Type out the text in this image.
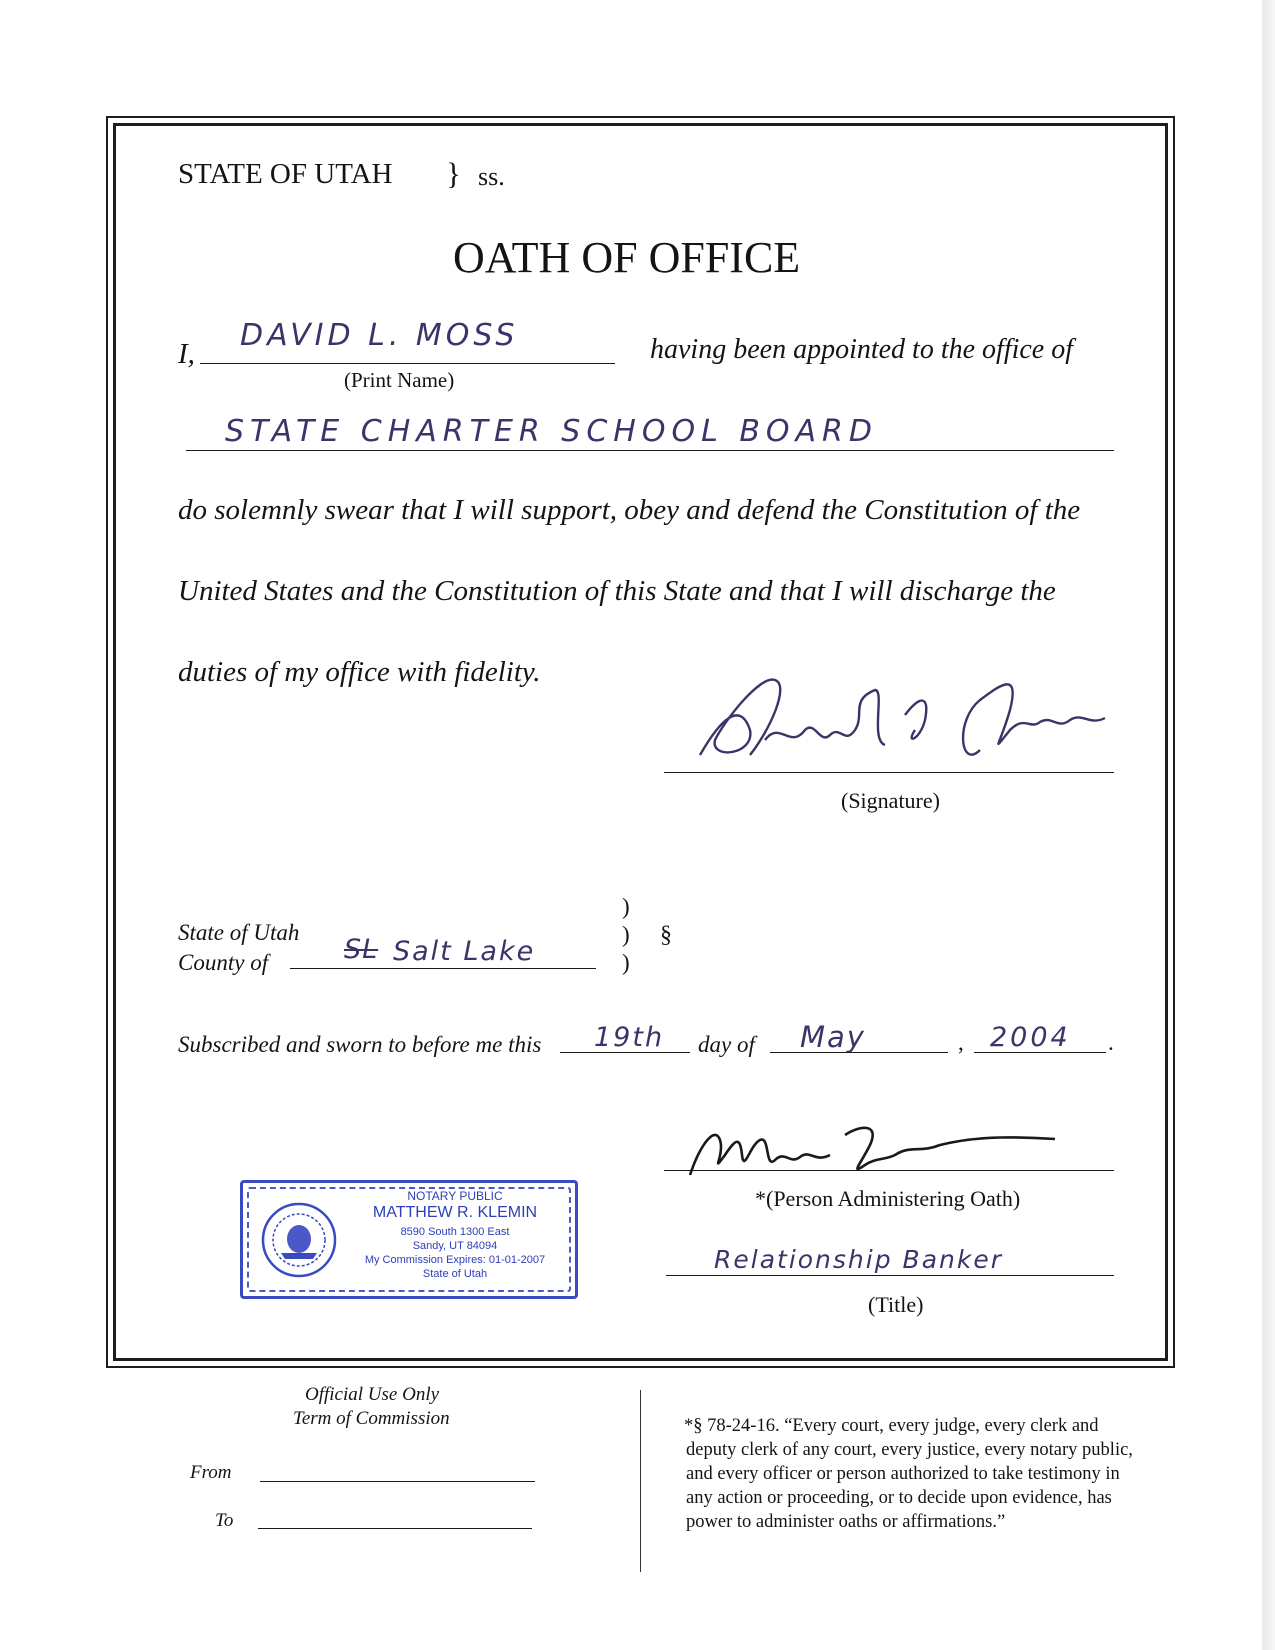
STATE OF UTAH } ss.
OATH OF OFFICE
I,
DAVID L. MOSS
(Print Name)
having been appointed to the office of
STATE CHARTER SCHOOL BOARD
do solemnly swear that I will support, obey and defend the Constitution of the
United States and the Constitution of this State and that I will discharge the
duties of my office with fidelity.
(Signature)
State of Utah
County of	SL Salt Lake
)
)
)
§
Subscribed and sworn to before me this 19th day of May	, 2004 .
*(Person Administering Oath)
Relationship Banker
(Title)
NOTARY PUBLIC
MATTHEW R. KLEMIN
8590 South 1300 East
Sandy, UT 84094
My Commission Expires: 01-01-2007
State of Utah
Official Use Only
Term of Commission
From
To
*§ 78-24-16. “Every court, every judge, every clerk and
deputy clerk of any court, every justice, every notary public,
and every officer or person authorized to take testimony in
any action or proceeding, or to decide upon evidence, has
power to administer oaths or affirmations.”
